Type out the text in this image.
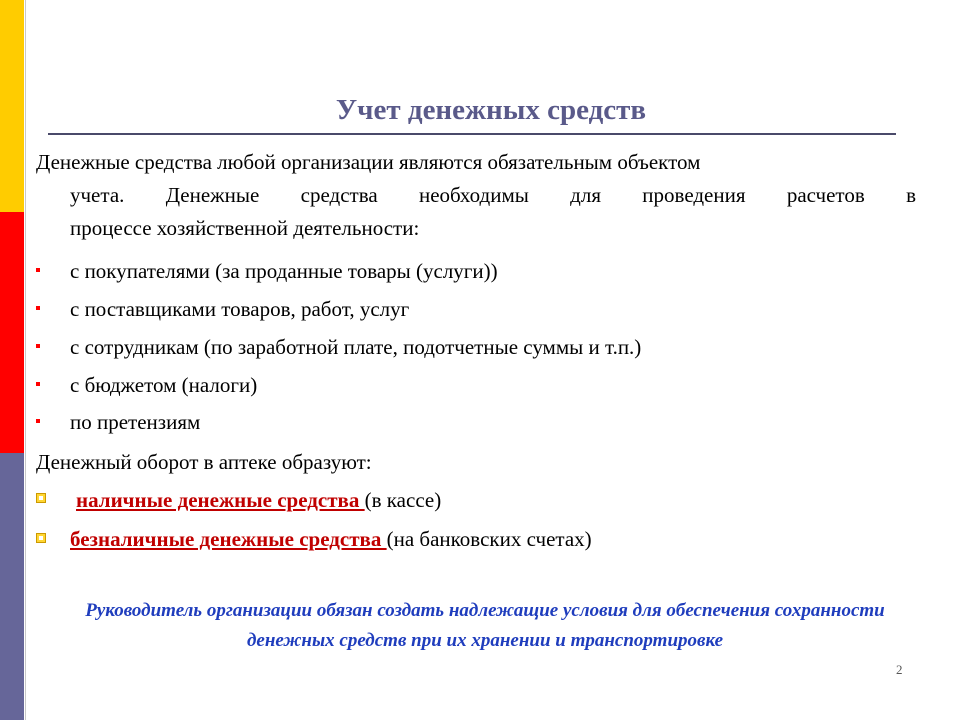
Учет денежных средств
Денежные средства любой организации являются обязательным объектом
учета. Денежные средства необходимы для проведения расчетов в
процессе хозяйственной деятельности:
с покупателями (за проданные товары (услуги))
с поставщиками товаров, работ, услуг
с сотрудникам (по заработной плате, подотчетные суммы и т.п.)
с бюджетом (налоги)
по претензиям
Денежный оборот в аптеке образуют:
наличные денежные средства (в кассе)
безналичные денежные средства (на банковских счетах)
Руководитель организации обязан создать надлежащие условия для обеспечения сохранности денежных средств при их хранении и транспортировке
2
